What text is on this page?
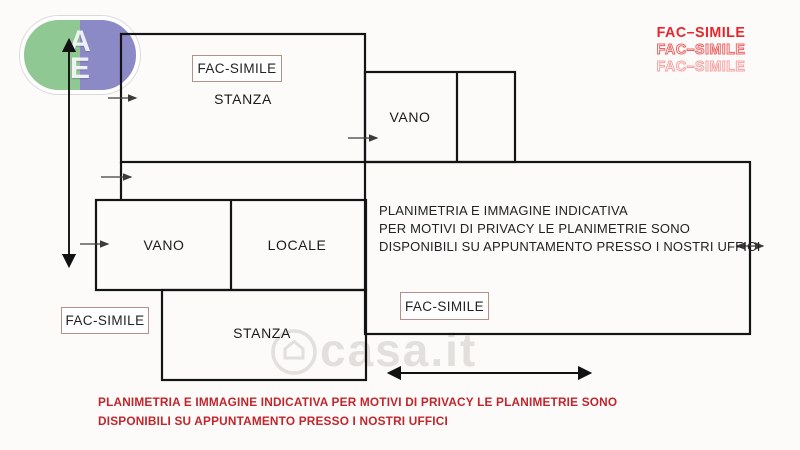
A
E
FAC–SIMILE
FAC–SIMILE
FAC–SIMILE
casa.it
STANZA
VANO
VANO	LOCALE
STANZA
FAC-SIMILE
FAC-SIMILE
FAC-SIMILE
PLANIMETRIA E IMMAGINE INDICATIVA
PER MOTIVI DI PRIVACY LE PLANIMETRIE SONO
DISPONIBILI SU APPUNTAMENTO PRESSO I NOSTRI UFFICI
PLANIMETRIA E IMMAGINE INDICATIVA PER MOTIVI DI PRIVACY LE PLANIMETRIE SONO
DISPONIBILI SU APPUNTAMENTO PRESSO I NOSTRI UFFICI
